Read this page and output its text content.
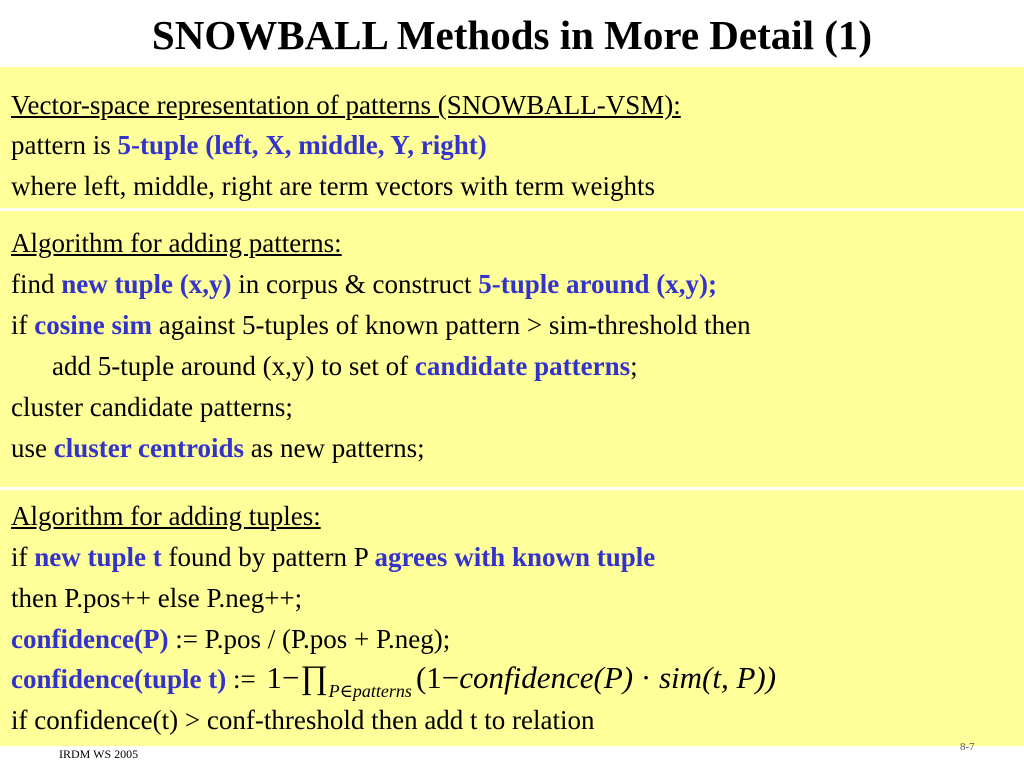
SNOWBALL Methods in More Detail (1)
Vector-space representation of patterns (SNOWBALL-VSM):
pattern is 5-tuple (left, X, middle, Y, right)
where left, middle, right are term vectors with term weights
Algorithm for adding patterns:
find new tuple (x,y) in corpus & construct 5-tuple around (x,y);
if cosine sim against 5-tuples of known pattern > sim-threshold then
add 5-tuple around (x,y) to set of candidate patterns;
cluster candidate patterns;
use cluster centroids as new patterns;
Algorithm for adding tuples:
if new tuple t found by pattern P agrees with known tuple
then P.pos++ else P.neg++;
confidence(P) := P.pos / (P.pos + P.neg);
confidence(tuple t) := $1-\prod_{P\in patterns}$ (1−confidence(P) · sim(t, P))
if confidence(t) > conf-threshold then add t to relation
IRDM WS 2005	8-7
